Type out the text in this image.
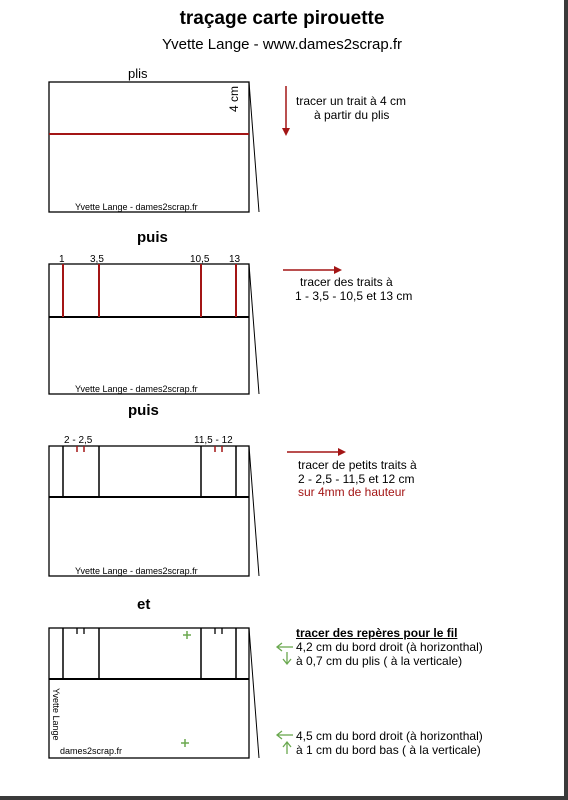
traçage carte pirouette
Yvette Lange - www.dames2scrap.fr
plis
4 cm
Yvette Lange - dames2scrap.fr
tracer un trait à 4 cm
à partir du plis
puis
1	3,5	10,5 13
Yvette Lange - dames2scrap.fr
tracer des traits à
1 - 3,5 - 10,5 et 13 cm
puis
2 - 2,5	11,5 - 12
Yvette Lange - dames2scrap.fr
tracer de petits traits à
2 - 2,5 - 11,5 et 12 cm
sur 4mm de hauteur
et
Yvette Lange
dames2scrap.fr
tracer des repères pour le fil
4,2 cm du bord droit (à horizonthal)
à 0,7 cm du plis ( à la verticale)
4,5 cm du bord droit (à horizonthal)
à 1 cm du bord bas ( à la verticale)
